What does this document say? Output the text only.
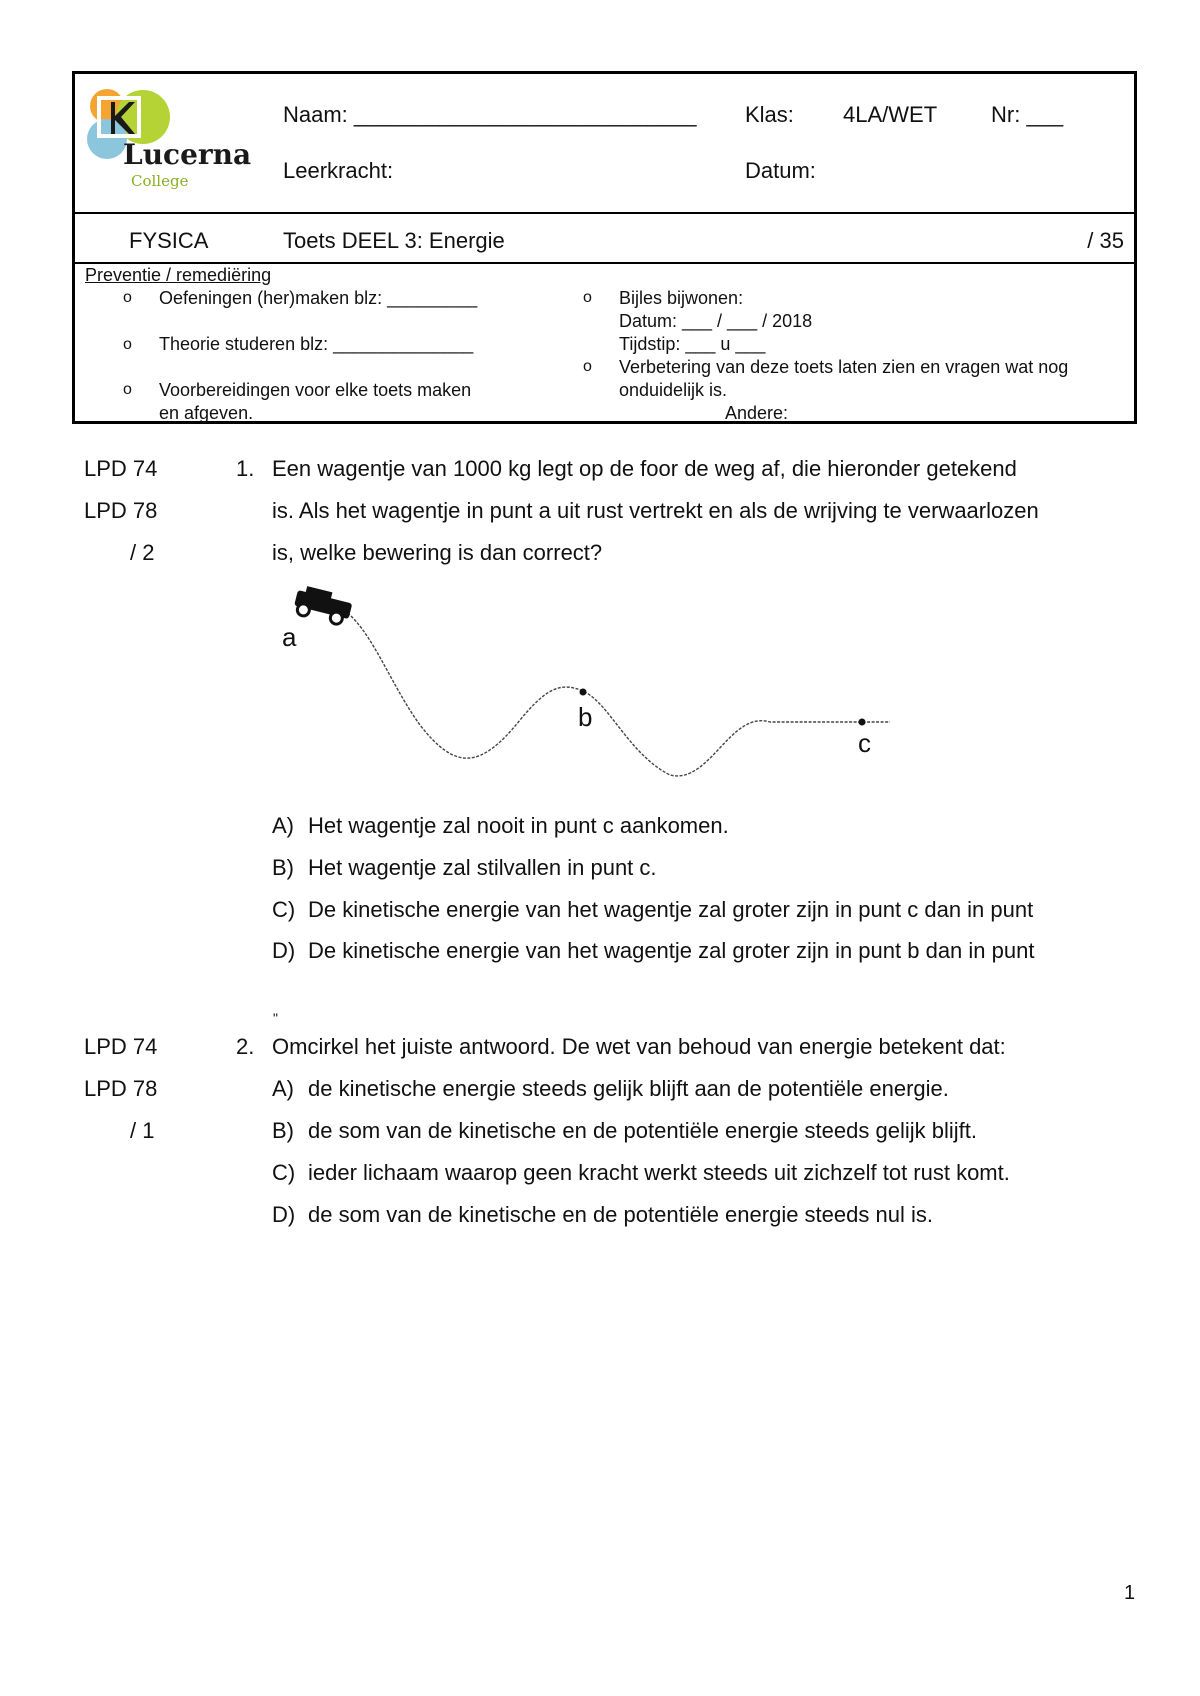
Lucerna
College
Naam: ____________________________ Klas: 4LA/WET Nr: ___
Leerkracht:	Datum:
FYSICA	Toets DEEL 3: Energie	/ 35
Preventie / remediëring
o Oefeningen (her)maken blz: _________
o Theorie studeren blz: ______________
o Voorbereidingen voor elke toets maken
en afgeven.
o Bijles bijwonen:
Datum: ___ / ___ / 2018
Tijdstip: ___ u ___
o Verbetering van deze toets laten zien en vragen wat nog
onduidelijk is.
Andere:
LPD 74
LPD 78
/ 2
1. Een wagentje van 1000 kg legt op de foor de weg af, die hieronder getekend
is. Als het wagentje in punt a uit rust vertrekt en als de wrijving te verwaarlozen
is, welke bewering is dan correct?
a
b
c
A) Het wagentje zal nooit in punt c aankomen.
B) Het wagentje zal stilvallen in punt c.
C) De kinetische energie van het wagentje zal groter zijn in punt c dan in punt
D) De kinetische energie van het wagentje zal groter zijn in punt b dan in punt
"
LPD 74
LPD 78
/ 1
2. Omcirkel het juiste antwoord. De wet van behoud van energie betekent dat:
A) de kinetische energie steeds gelijk blijft aan de potentiële energie.
B) de som van de kinetische en de potentiële energie steeds gelijk blijft.
C) ieder lichaam waarop geen kracht werkt steeds uit zichzelf tot rust komt.
D) de som van de kinetische en de potentiële energie steeds nul is.
1
